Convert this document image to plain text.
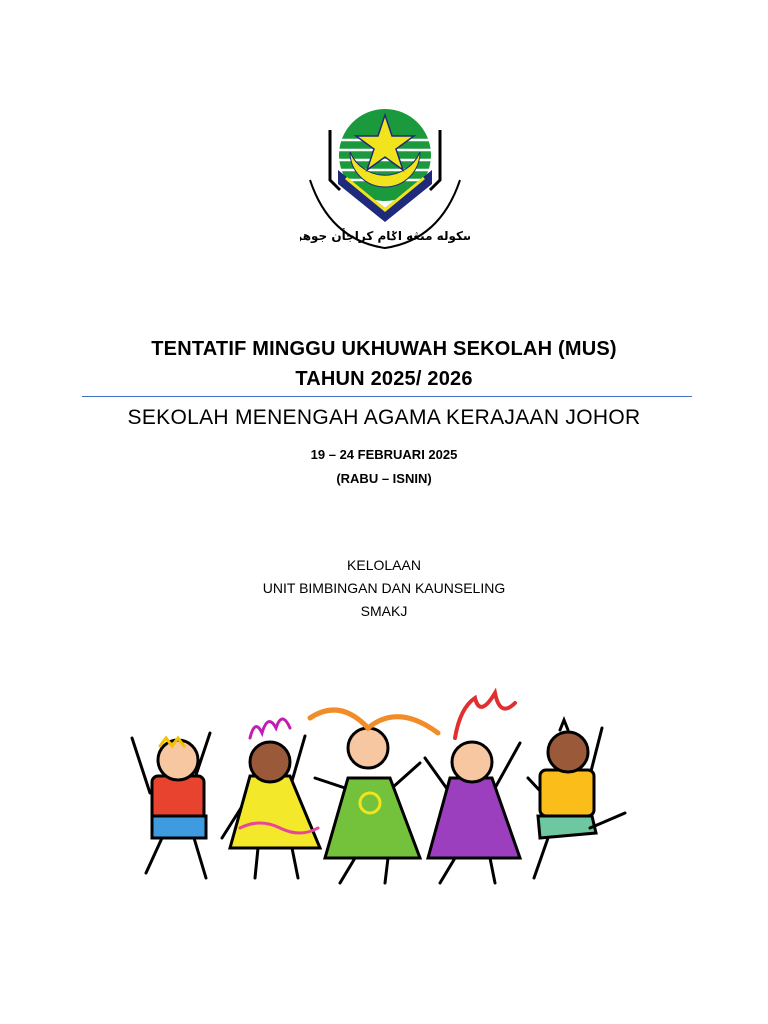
سكوله منڠه اݢام كراجأن جوهر
TENTATIF MINGGU UKHUWAH SEKOLAH (MUS)
TAHUN 2025/ 2026
SEKOLAH MENENGAH AGAMA KERAJAAN JOHOR
19 – 24 FEBRUARI 2025
(RABU – ISNIN)
KELOLAAN
UNIT BIMBINGAN DAN KAUNSELING
SMAKJ
